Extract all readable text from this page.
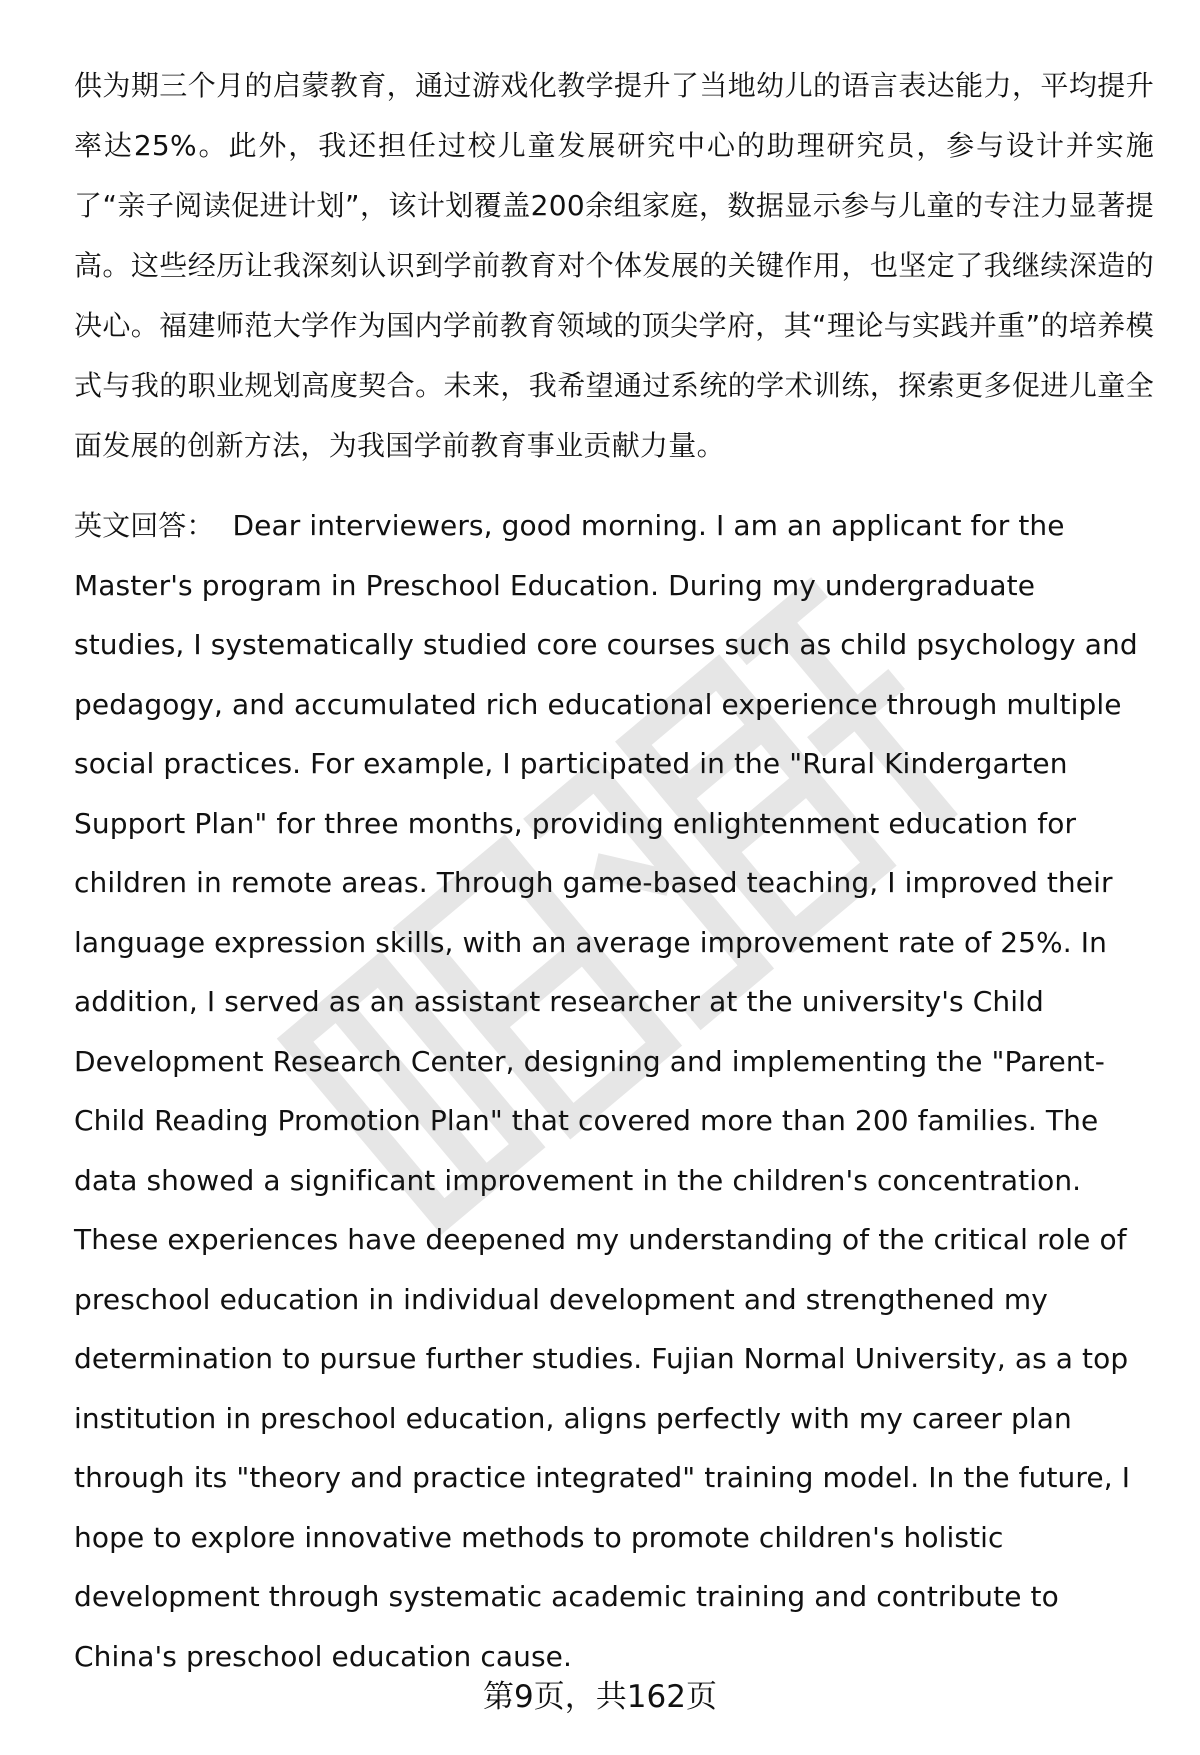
供为期三个月的启蒙教育，通过游戏化教学提升了当地幼儿的语言表达能力，平均提升率达25%。此外，我还担任过校儿童发展研究中心的助理研究员，参与设计并实施了“亲子阅读促进计划”，该计划覆盖200余组家庭，数据显示参与儿童的专注力显著提高。这些经历让我深刻认识到学前教育对个体发展的关键作用，也坚定了我继续深造的决心。福建师范大学作为国内学前教育领域的顶尖学府，其“理论与实践并重”的培养模式与我的职业规划高度契合。未来，我希望通过系统的学术训练，探索更多促进儿童全面发展的创新方法，为我国学前教育事业贡献力量。

英文回答： Dear interviewers, good morning. I am an applicant for the Master's program in Preschool Education. During my undergraduate studies, I systematically studied core courses such as child psychology and pedagogy, and accumulated rich educational experience through multiple social practices. For example, I participated in the "Rural Kindergarten Support Plan" for three months, providing enlightenment education for children in remote areas. Through game-based teaching, I improved their language expression skills, with an average improvement rate of 25%. In addition, I served as an assistant researcher at the university's Child Development Research Center, designing and implementing the "Parent-Child Reading Promotion Plan" that covered more than 200 families. The data showed a significant improvement in the children's concentration. These experiences have deepened my understanding of the critical role of preschool education in individual development and strengthened my determination to pursue further studies. Fujian Normal University, as a top institution in preschool education, aligns perfectly with my career plan through its "theory and practice integrated" training model. In the future, I hope to explore innovative methods to promote children's holistic development through systematic academic training and contribute to China's preschool education cause.

第9页，共162页
